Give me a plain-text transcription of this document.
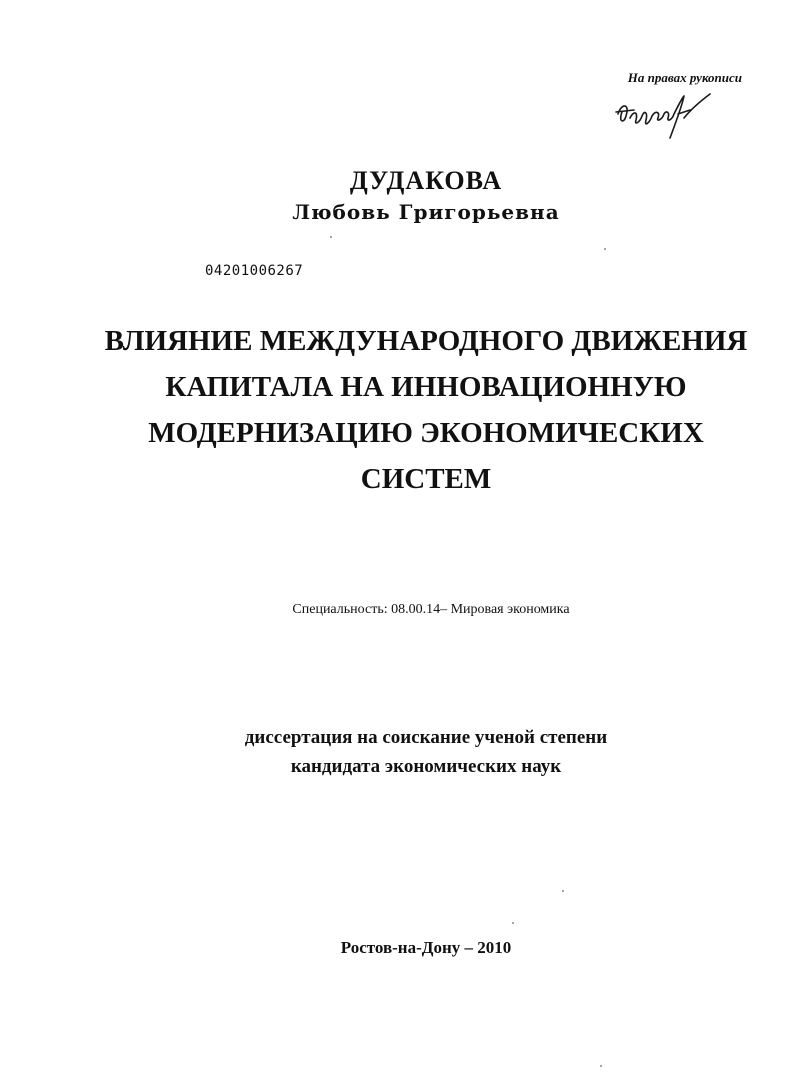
На правах рукописи
ДУДАКОВА
Любовь Григорьевна
04201006267
ВЛИЯНИЕ МЕЖДУНАРОДНОГО ДВИЖЕНИЯ
КАПИТАЛА НА ИННОВАЦИОННУЮ
МОДЕРНИЗАЦИЮ ЭКОНОМИЧЕСКИХ
СИСТЕМ
Специальность: 08.00.14– Мировая экономика
диссертация на соискание ученой степени
кандидата экономических наук
Ростов-на-Дону – 2010
